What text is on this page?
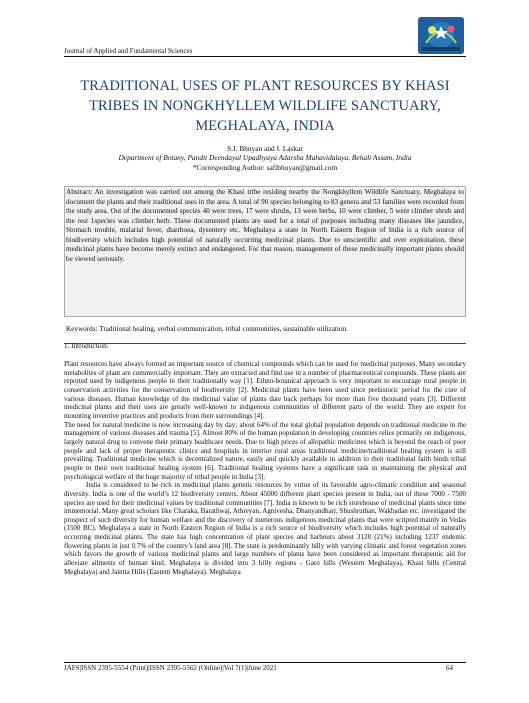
Journal of Applied and Fundamental Sciences
TRADITIONAL USES OF PLANT RESOURCES BY KHASI TRIBES IN NONGKHYLLEM WILDLIFE SANCTUARY, MEGHALAYA, INDIA
S.I. Bhuyan and I. Laskar
Department of Botany, Pandit Deendayal Upadhyaya Adarsha Mahavidalaya, Behali Assam, India
*Corresponding Author: safibhuyan@gmail.com

Abstract: An investigation was carried out among the Khasi tribe residing nearby the Nongkhyllem Wildlife Sanctuary, Meghalaya to document the plants and their traditional uses in the area. A total of 90 species belonging to 83 genera and 53 families were recorded from the study area. Out of the documented species 40 were trees, 17 were shrubs, 13 were herbs, 10 were climber, 5 were climber shrub and the rest 1species was climber herb. These documented plants are used for a total of purposes including many diseases like jaundice, Stomach trouble, malarial fever, diarrhoea, dysentery etc. Meghalaya a state in North Eastern Region of India is a rich source of biodiversity which includes high potential of naturally occurring medicinal plants. Due to unscientific and over exploitation, these medicinal plants have become merely extinct and endangered. For that reason, management of these medicinally important plants should be viewed seriously.

Keywords: Traditional healing, verbal communication, tribal communities, sustainable utilization.

1. Introduction:

Plant resources have always formed an important source of chemical compounds which can be used for medicinal purposes. Many secondary metabolites of plant are commercially important. They are extracted and find use in a number of pharmaceutical compounds. These plants are reported used by indigenous people in their traditionally way [1]. Ethno-botanical approach is very important to encourage rural people in conservation activities for the conservation of biodiversity [2]. Medicinal plants have been used since prehistoric period for the cure of various diseases. Human knowledge of the medicinal value of plants date back perhaps for more than five thousand years [3]. Different medicinal plants and their uses are greatly well-known to indigenous communities of different parts of the world. They are expert for mounting inventive practices and products from their surroundings [4].

The need for natural medicine is now increasing day by day; about 64% of the total global population depends on traditional medicine in the management of various diseases and trauma [5]. Almost 80% of the human population in developing countries relies primarily on indigenous, largely natural drug to convene their primary healthcare needs. Due to high prices of allopathic medicines which is beyond the reach of poor people and lack of proper therapeutic clinics and hospitals in interior rural areas traditional medicine/traditional healing system is still prevailing. Traditional medicine which is decentralized nature, easily and quickly available in addition to their traditional faith binds tribal people to their own traditional healing system [6]. Traditional healing systems have a significant task in maintaining the physical and psychological welfare of the huge majority of tribal people in India [3].

India is considered to be rich in medicinal plants genetic resources by virtue of its favorable agro-climatic condition and seasonal diversity. India is one of the world’s 12 biodiversity centers. About 45000 different plant species present in India, out of these 7000 - 7500 species are used for their medicinal values by traditional communities [7]. India is known to be rich storehouse of medicinal plants since time immemorial. Many great scholars like Charaka, Barathwaj, Athreyan, Agnivesha, Dhanyandhari, Shushruthan, Wakbadan etc. investigated the prospect of such diversity for human welfare and the discovery of numerous indigenous medicinal plants that were scripted mainly in Vedas (1500 BC). Meghalaya a state in North Eastern Region of India is a rich source of biodiversity which includes high potential of naturally occurring medicinal plants. The state has high concentration of plant species and harbours about 3128 (21%) including 1237 endemic flowering plants in just 0.7% of the country’s land area [8]. The state is predominantly hilly with varying climatic and forest vegetation zones which favors the growth of various medicinal plants and large numbers of plants have been considered as important therapeutic aid for alleviate ailments of human kind. Meghalaya is divided into 3 hilly regions - Garo hills (Western Meghalaya), Khasi hills (Central Meghalaya) and Jaintia Hills (Eastern Meghalaya). Meghalaya

JAFS|ISSN 2395-5554 (Print)|ISSN 2395-5562 (Online)|Vol 7(1)|June 2021	64
